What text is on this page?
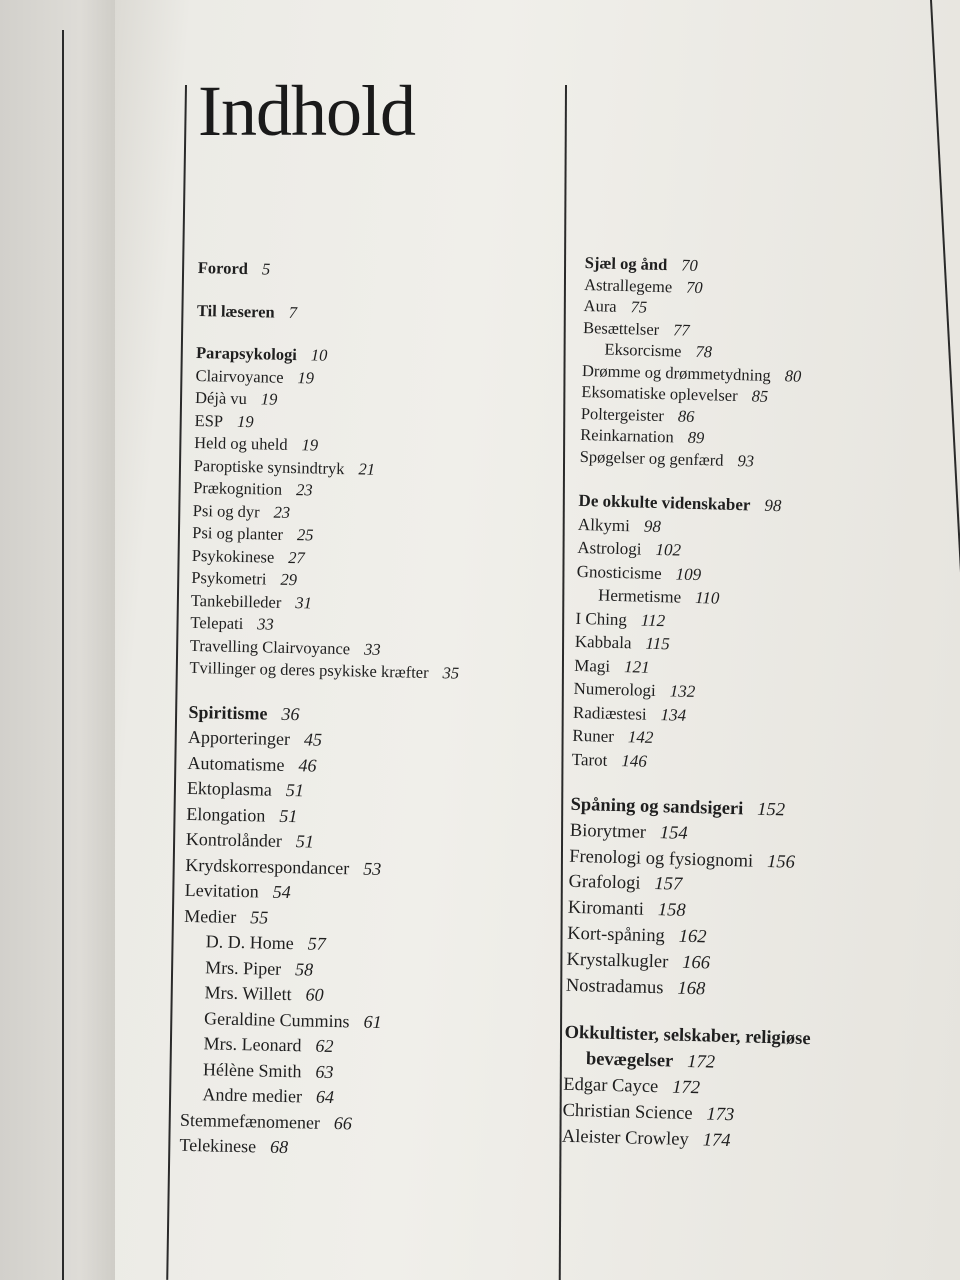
Indhold
Forord 5
Til læseren 7
Parapsykologi 10
Clairvoyance 19
Déjà vu 19
ESP 19
Held og uheld 19
Paroptiske synsindtryk 21
Prækognition 23
Psi og dyr 23
Psi og planter 25
Psykokinese 27
Psykometri 29
Tankebilleder 31
Telepati 33
Travelling Clairvoyance 33
Tvillinger og deres psykiske kræfter 35
Spiritisme 36
Apporteringer 45
Automatisme 46
Ektoplasma 51
Elongation 51
Kontrolånder 51
Krydskorrespondancer 53
Levitation 54
Medier 55
D. D. Home 57
Mrs. Piper 58
Mrs. Willett 60
Geraldine Cummins 61
Mrs. Leonard 62
Hélène Smith 63
Andre medier 64
Stemmefænomener 66
Telekinese 68
Sjæl og ånd 70
Astrallegeme 70
Aura 75
Besættelser 77
Eksorcisme 78
Drømme og drømmetydning 80
Eksomatiske oplevelser 85
Poltergeister 86
Reinkarnation 89
Spøgelser og genfærd 93
De okkulte videnskaber 98
Alkymi 98
Astrologi 102
Gnosticisme 109
Hermetisme 110
I Ching 112
Kabbala 115
Magi 121
Numerologi 132
Radiæstesi 134
Runer 142
Tarot 146
Spåning og sandsigeri 152
Biorytmer 154
Frenologi og fysiognomi 156
Grafologi 157
Kiromanti 158
Kort-spåning 162
Krystalkugler 166
Nostradamus 168
Okkultister, selskaber, religiøse
bevægelser 172
Edgar Cayce 172
Christian Science 173
Aleister Crowley 174
